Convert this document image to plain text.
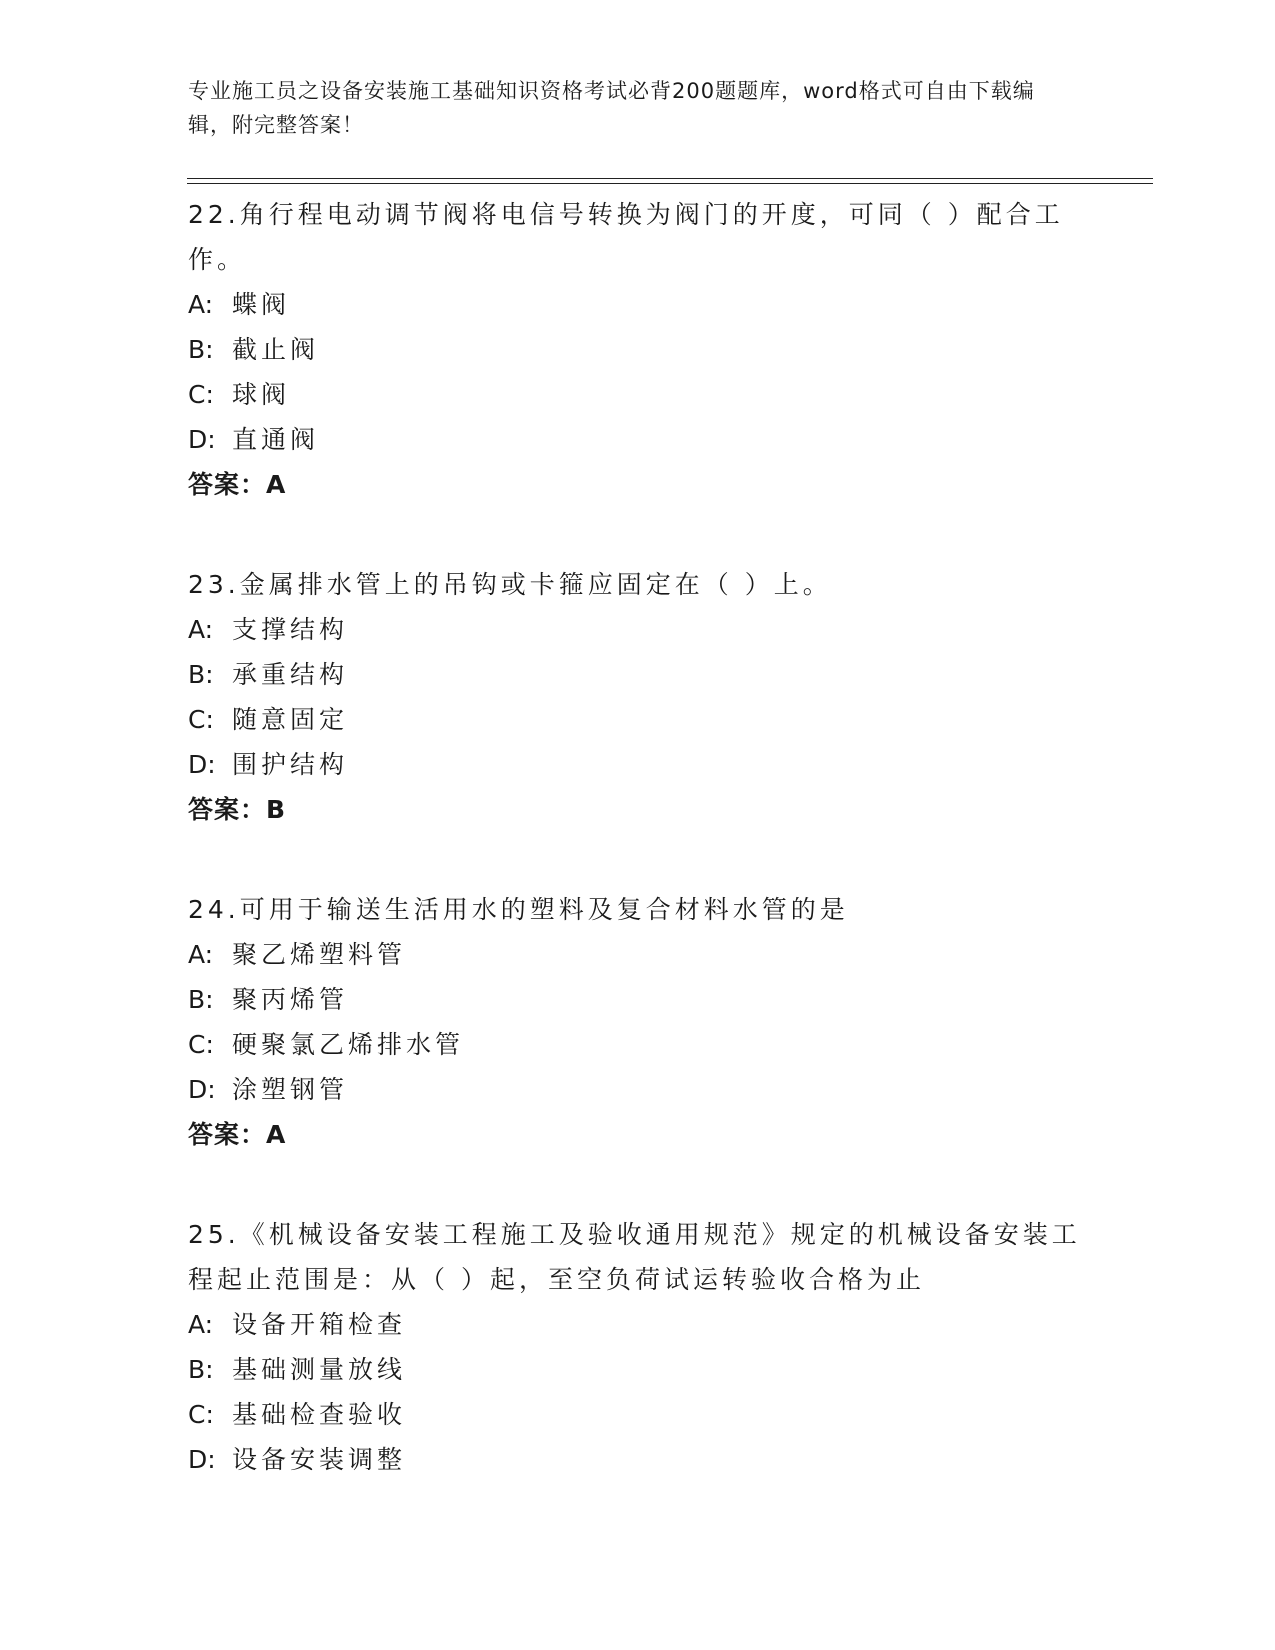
专业施工员之设备安装施工基础知识资格考试必背200题题库，word格式可自由下载编辑，附完整答案！

22.角行程电动调节阀将电信号转换为阀门的开度，可同（ ）配合工作。

A: 蝶阀
B: 截止阀
C: 球阀
D: 直通阀
答案：A

23.金属排水管上的吊钩或卡箍应固定在（ ）上。

A: 支撑结构
B: 承重结构
C: 随意固定
D: 围护结构
答案：B

24.可用于输送生活用水的塑料及复合材料水管的是

A: 聚乙烯塑料管
B: 聚丙烯管
C: 硬聚氯乙烯排水管
D: 涂塑钢管
答案：A

25.《机械设备安装工程施工及验收通用规范》规定的机械设备安装工程起止范围是：从（ ）起，至空负荷试运转验收合格为止

A: 设备开箱检查
B: 基础测量放线
C: 基础检查验收
D: 设备安装调整
